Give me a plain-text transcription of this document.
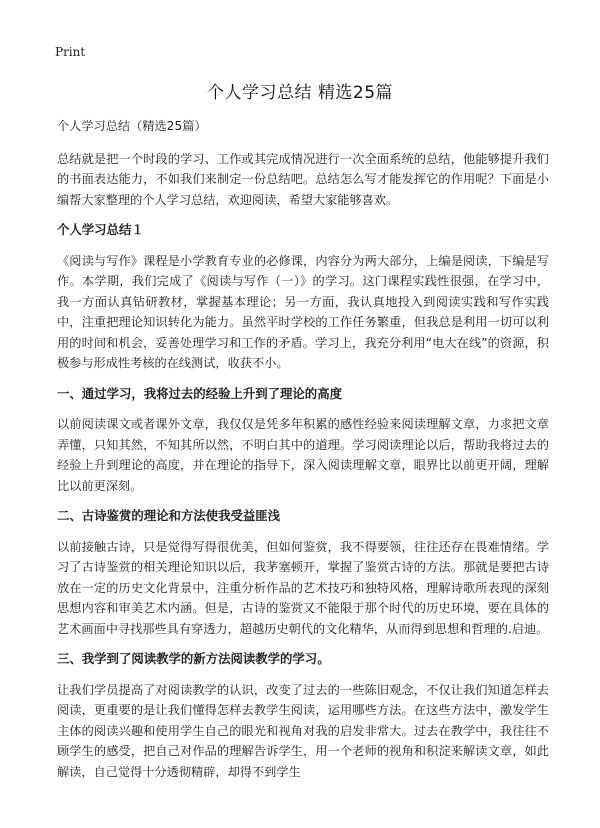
Print
个人学习总结 精选25篇

个人学习总结（精选25篇）

总结就是把一个时段的学习、工作或其完成情况进行一次全面系统的总结，他能够提升我们的书面表达能力，不如我们来制定一份总结吧。总结怎么写才能发挥它的作用呢？下面是小编帮大家整理的个人学习总结，欢迎阅读，希望大家能够喜欢。

个人学习总结１

《阅读与写作》课程是小学教育专业的必修课，内容分为两大部分，上编是阅读，下编是写作。本学期，我们完成了《阅读与写作（一）》的学习。这门课程实践性很强，在学习中，我一方面认真钻研教材，掌握基本理论；另一方面，我认真地投入到阅读实践和写作实践中，注重把理论知识转化为能力。虽然平时学校的工作任务繁重，但我总是利用一切可以利用的时间和机会，妥善处理学习和工作的矛盾。学习上，我充分利用“电大在线”的资源，积极参与形成性考核的在线测试，收获不小。

一、通过学习，我将过去的经验上升到了理论的高度

以前阅读课文或者课外文章，我仅仅是凭多年积累的感性经验来阅读理解文章，力求把文章弄懂，只知其然，不知其所以然，不明白其中的道理。学习阅读理论以后，帮助我将过去的经验上升到理论的高度，并在理论的指导下，深入阅读理解文章，眼界比以前更开阔，理解比以前更深刻。

二、古诗鉴赏的理论和方法使我受益匪浅

以前接触古诗，只是觉得写得很优美，但如何鉴赏，我不得要领，往往还存在畏难情绪。学习了古诗鉴赏的相关理论知识以后，我茅塞顿开，掌握了鉴赏古诗的方法。那就是要把古诗放在一定的历史文化背景中，注重分析作品的艺术技巧和独特风格，理解诗歌所表现的深刻思想内容和审美艺术内涵。但是，古诗的鉴赏又不能限于那个时代的历史环境，要在具体的艺术画面中寻找那些具有穿透力，超越历史朝代的文化精华，从而得到思想和哲理的.启迪。

三、我学到了阅读教学的新方法阅读教学的学习。

让我们学员提高了对阅读教学的认识，改变了过去的一些陈旧观念，不仅让我们知道怎样去阅读，更重要的是让我们懂得怎样去教学生阅读，运用哪些方法。在这些方法中，激发学生主体的阅读兴趣和使用学生自己的眼光和视角对我的启发非常大。过去在教学中，我往往不顾学生的感受，把自己对作品的理解告诉学生，用一个老师的视角和积淀来解读文章，如此解读，自己觉得十分透彻精辟，却得不到学生
